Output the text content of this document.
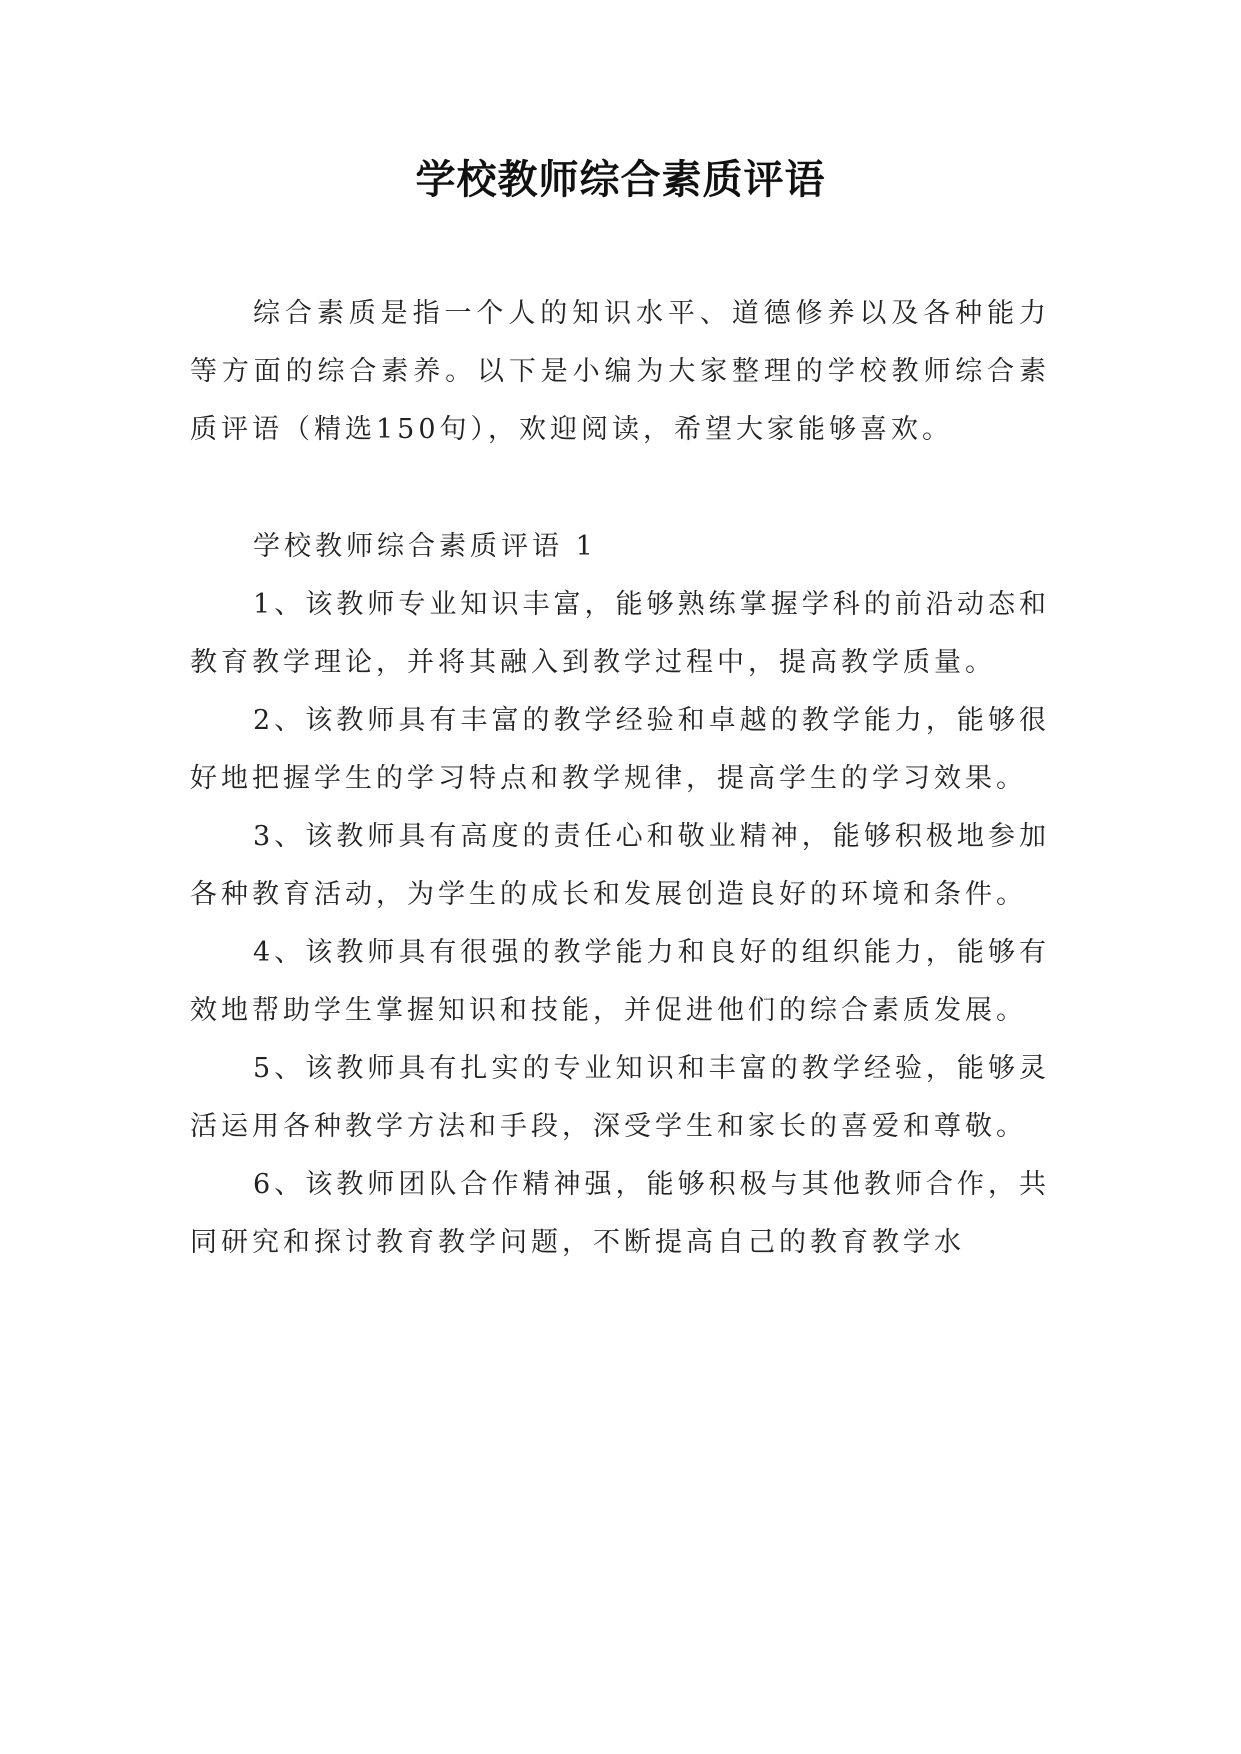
学校教师综合素质评语

综合素质是指一个人的知识水平、道德修养以及各种能力等方面的综合素养。以下是小编为大家整理的学校教师综合素质评语（精选150句），欢迎阅读，希望大家能够喜欢。

学校教师综合素质评语 1

1、该教师专业知识丰富，能够熟练掌握学科的前沿动态和教育教学理论，并将其融入到教学过程中，提高教学质量。

2、该教师具有丰富的教学经验和卓越的教学能力，能够很好地把握学生的学习特点和教学规律，提高学生的学习效果。

3、该教师具有高度的责任心和敬业精神，能够积极地参加各种教育活动，为学生的成长和发展创造良好的环境和条件。

4、该教师具有很强的教学能力和良好的组织能力，能够有效地帮助学生掌握知识和技能，并促进他们的综合素质发展。

5、该教师具有扎实的专业知识和丰富的教学经验，能够灵活运用各种教学方法和手段，深受学生和家长的喜爱和尊敬。

6、该教师团队合作精神强，能够积极与其他教师合作，共同研究和探讨教育教学问题，不断提高自己的教育教学水
